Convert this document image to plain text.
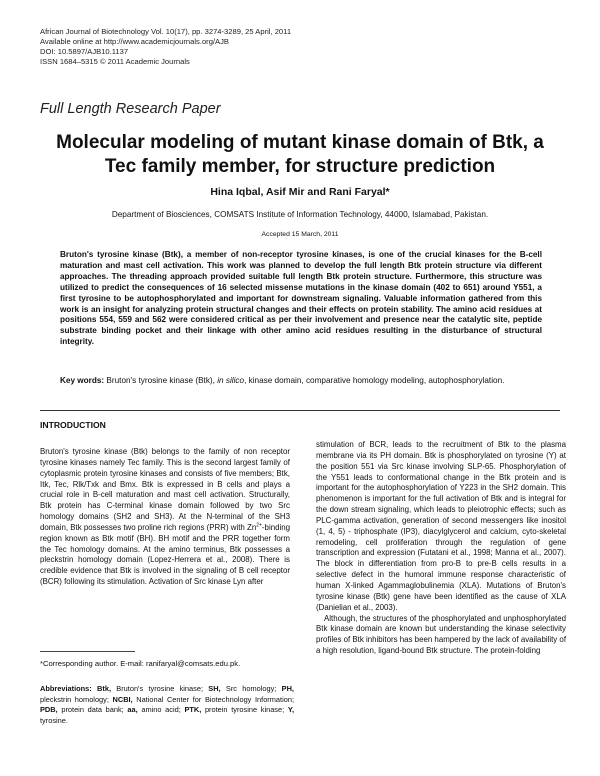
African Journal of Biotechnology Vol. 10(17), pp. 3274-3289, 25 April, 2011
Available online at http://www.academicjournals.org/AJB
DOI: 10.5897/AJB10.1137
ISSN 1684–5315 © 2011 Academic Journals
Full Length Research Paper
Molecular modeling of mutant kinase domain of Btk, a
Tec family member, for structure prediction
Hina Iqbal, Asif Mir and Rani Faryal*
Department of Biosciences, COMSATS Institute of Information Technology, 44000, Islamabad, Pakistan.
Accepted 15 March, 2011
Bruton's tyrosine kinase (Btk), a member of non-receptor tyrosine kinases, is one of the crucial kinases for the B-cell maturation and mast cell activation. This work was planned to develop the full length Btk protein structure via different approaches. The threading approach provided suitable full length Btk protein structure. Furthermore, this structure was utilized to predict the consequences of 16 selected missense mutations in the kinase domain (402 to 651) around Y551, a first tyrosine to be autophosphorylated and important for downstream signaling. Valuable information gathered from this work is an insight for analyzing protein structural changes and their effects on protein stability. The amino acid residues at positions 554, 559 and 562 were considered critical as per their involvement and presence near the catalytic site, peptide substrate binding pocket and their linkage with other amino acid residues resulting in the disturbance of structural integrity.
Key words: Bruton's tyrosine kinase (Btk), in silico, kinase domain, comparative homology modeling, autophosphorylation.
INTRODUCTION
Bruton's tyrosine kinase (Btk) belongs to the family of non receptor tyrosine kinases namely Tec family. This is the second largest family of cytoplasmic protein tyrosine kinases and consists of five members; Btk, Itk, Tec, Rlk/Txk and Bmx. Btk is expressed in B cells and plays a crucial role in B-cell maturation and mast cell activation. Structurally, Btk protein has C-terminal kinase domain followed by two Src homology domains (SH2 and SH3). At the N-terminal of the SH3 domain, Btk possesses two proline rich regions (PRR) with $Zn^{2+}$-binding region known as Btk motif (BH). BH motif and the PRR together form the Tec homology domains. At the amino terminus, Btk possesses a pleckstrin homology domain (Lopez-Herrera et al., 2008). There is credible evidence that Btk is involved in the signaling of B cell receptor (BCR) following its stimulation. Activation of Src kinase Lyn after
stimulation of BCR, leads to the recruitment of Btk to the plasma membrane via its PH domain. Btk is phosphorylated on tyrosine (Y) at the position 551 via Src kinase involving SLP-65. Phosphorylation of the Y551 leads to conformational change in the Btk protein and is important for the autophosphorylation of Y223 in the SH2 domain. This phenomenon is important for the full activation of Btk and is integral for the down stream signaling, which leads to pleiotrophic effects; such as PLC-gamma activation, generation of second messengers like inositol (1, 4, 5) - triphosphate (IP3), diacylglycerol and calcium, cyto-skeletal remodeling, cell proliferation through the regulation of gene transcription and expression (Futatani et al., 1998; Manna et al., 2007). The block in differentiation from pro-B to pre-B cells results in a selective defect in the humoral immune response characteristic of human X-linked Agammaglobulinemia (XLA). Mutations of Bruton's tyrosine kinase (Btk) gene have been identified as the cause of XLA (Danielian et al., 2003).
Although, the structures of the phosphorylated and unphosphorylated Btk kinase domain are known but understanding the kinase selectivity profiles of Btk inhibitors has been hampered by the lack of availability of a high resolution, ligand-bound Btk structure. The protein-folding
*Corresponding author. E-mail: ranifaryal@comsats.edu.pk.
Abbreviations: Btk, Bruton's tyrosine kinase; SH, Src homology; PH, pleckstrin homology; NCBI, National Center for Biotechnology Information; PDB, protein data bank; aa, amino acid; PTK, protein tyrosine kinase; Y, tyrosine.
